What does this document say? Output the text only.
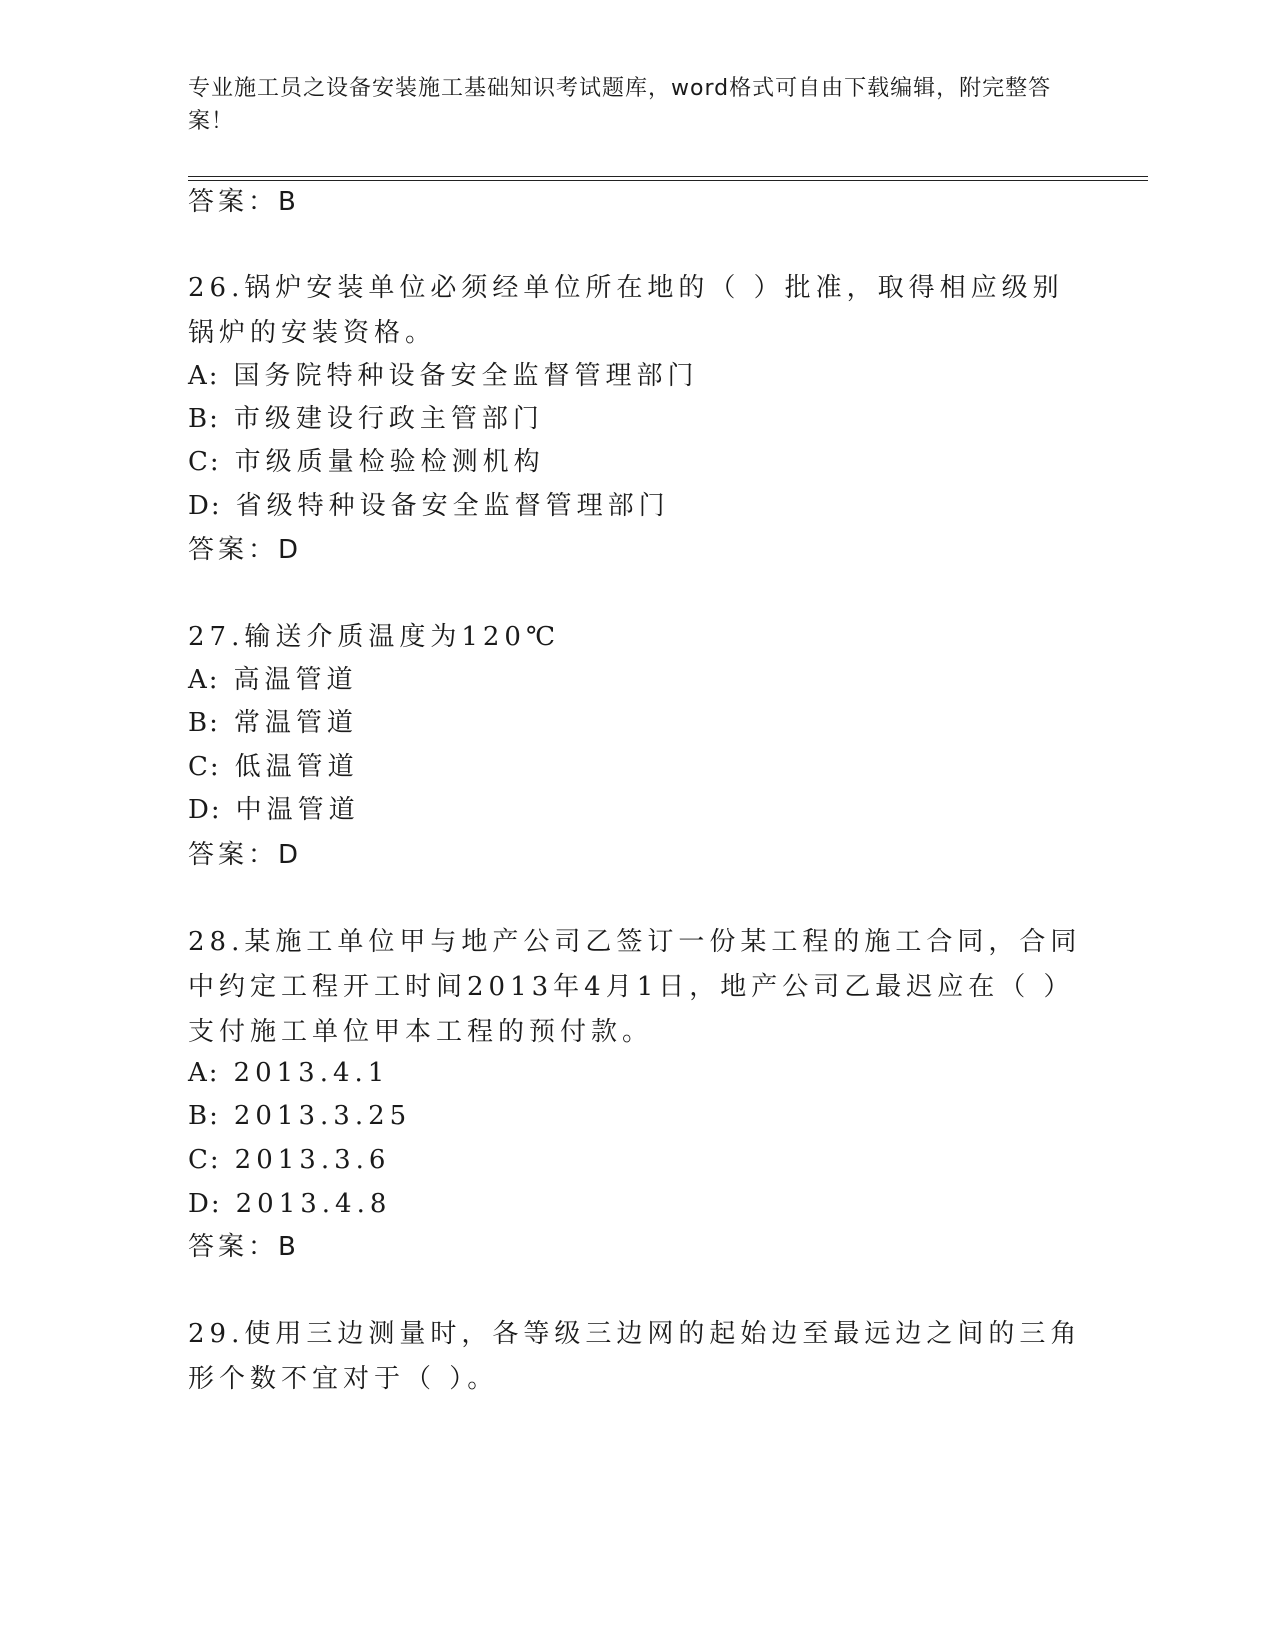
专业施工员之设备安装施工基础知识考试题库，word格式可自由下载编辑，附完整答案！
答案：B
26.锅炉安装单位必须经单位所在地的（ ）批准，取得相应级别锅炉的安装资格。
A: 国务院特种设备安全监督管理部门
B: 市级建设行政主管部门
C: 市级质量检验检测机构
D: 省级特种设备安全监督管理部门
答案：D
27.输送介质温度为120℃
A: 高温管道
B: 常温管道
C: 低温管道
D: 中温管道
答案：D
28.某施工单位甲与地产公司乙签订一份某工程的施工合同，合同中约定工程开工时间2013年4月1日，地产公司乙最迟应在（ ）支付施工单位甲本工程的预付款。
A: 2013.4.1
B: 2013.3.25
C: 2013.3.6
D: 2013.4.8
答案：B
29.使用三边测量时，各等级三边网的起始边至最远边之间的三角形个数不宜对于（ ）。
